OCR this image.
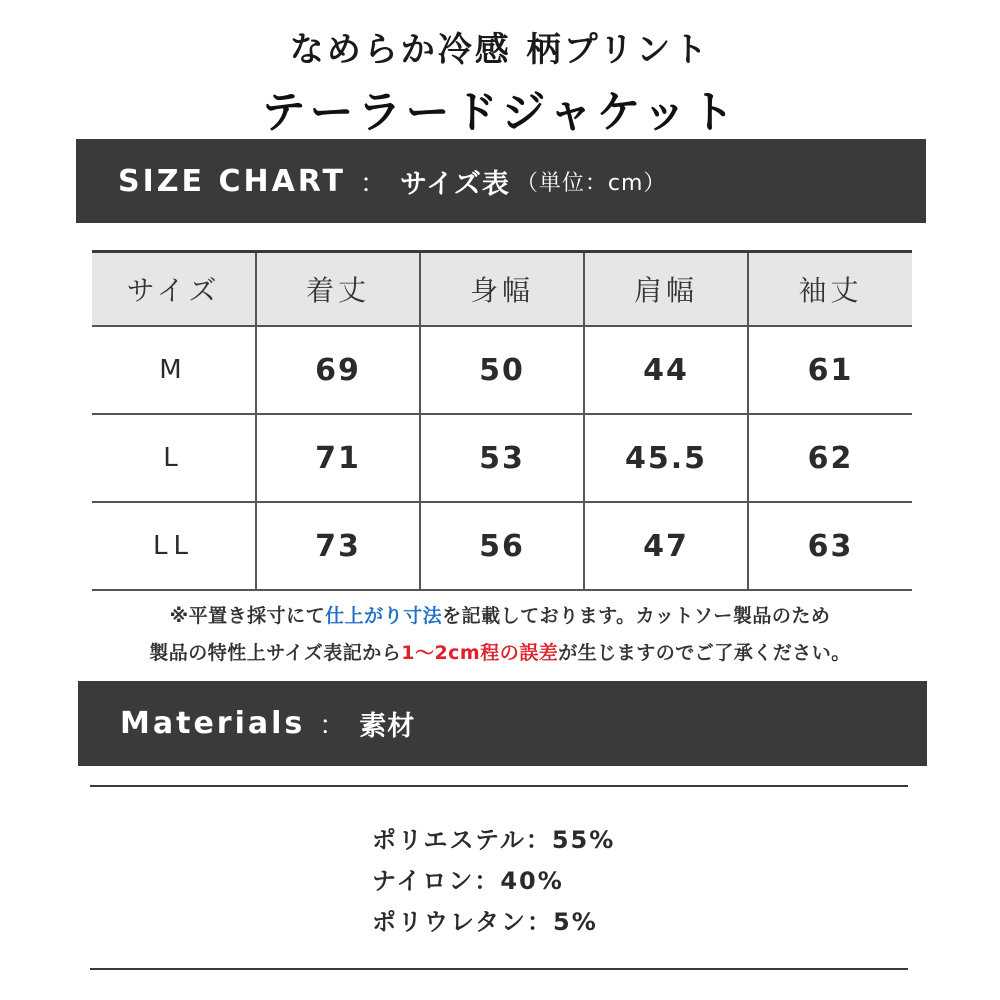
なめらか冷感 柄プリント
テーラードジャケット
SIZE CHART ： サイズ表 （単位：cm）
サイズ	着丈	身幅	肩幅	袖丈
M	69	50	44	61
L	71	53	45.5	62
LL	73	56	47	63
※平置き採寸にて仕上がり寸法を記載しております。カットソー製品のため
製品の特性上サイズ表記から1〜2cm程の誤差が生じますのでご了承ください。
Materials ： 素材
ポリエステル：55%
ナイロン：40%
ポリウレタン：5%
